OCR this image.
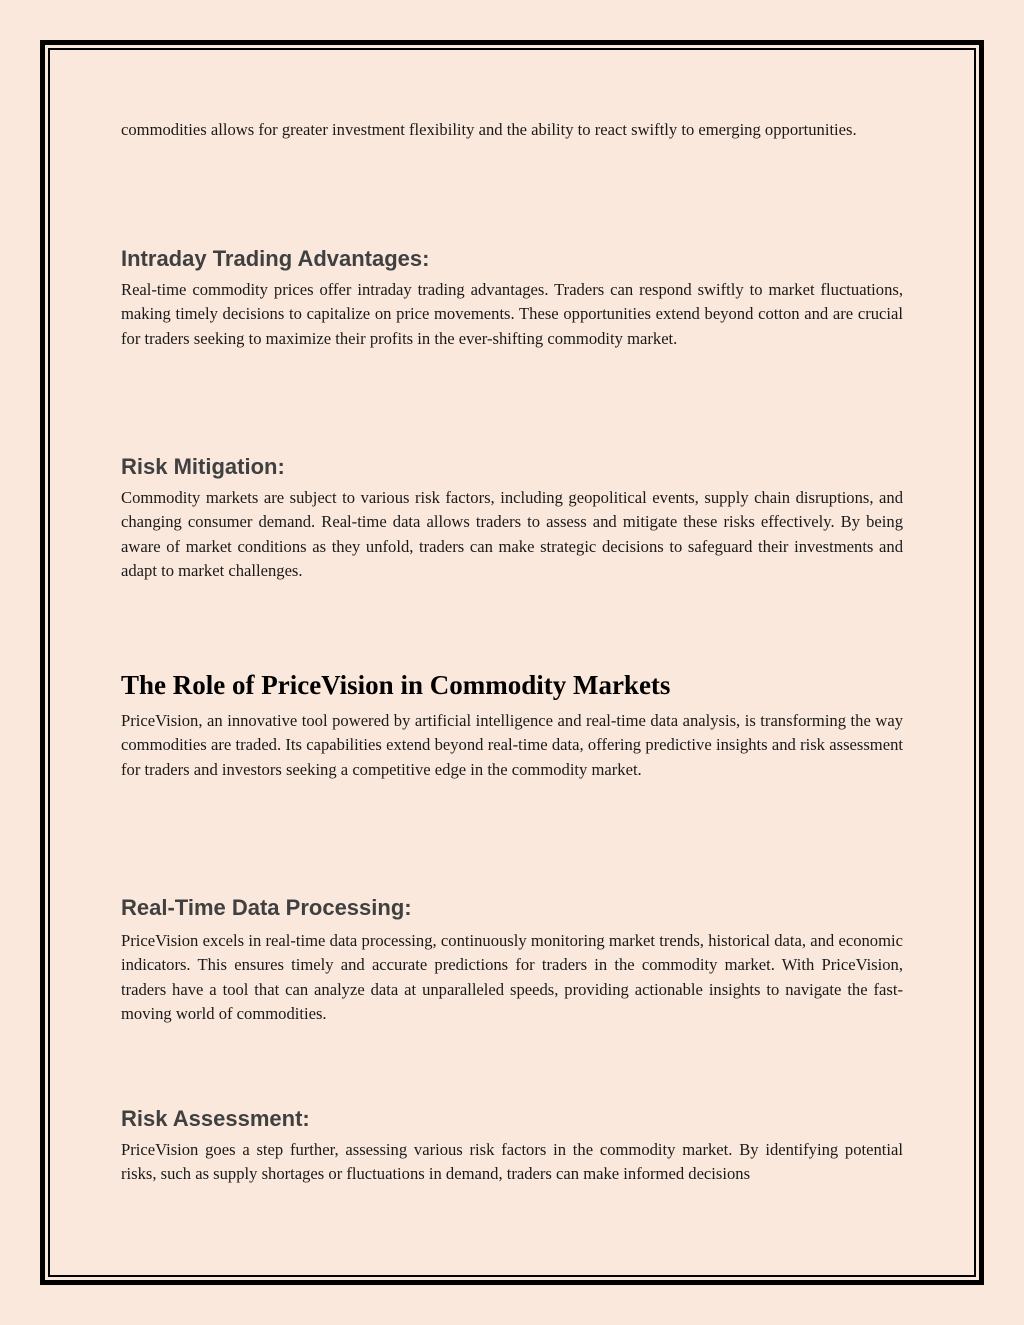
commodities allows for greater investment flexibility and the ability to react swiftly to emerging opportunities.

Intraday Trading Advantages:

Real-time commodity prices offer intraday trading advantages. Traders can respond swiftly to market fluctuations, making timely decisions to capitalize on price movements. These opportunities extend beyond cotton and are crucial for traders seeking to maximize their profits in the ever-shifting commodity market.

Risk Mitigation:

Commodity markets are subject to various risk factors, including geopolitical events, supply chain disruptions, and changing consumer demand. Real-time data allows traders to assess and mitigate these risks effectively. By being aware of market conditions as they unfold, traders can make strategic decisions to safeguard their investments and adapt to market challenges.

The Role of PriceVision in Commodity Markets

PriceVision, an innovative tool powered by artificial intelligence and real-time data analysis, is transforming the way commodities are traded. Its capabilities extend beyond real-time data, offering predictive insights and risk assessment for traders and investors seeking a competitive edge in the commodity market.

Real-Time Data Processing:

PriceVision excels in real-time data processing, continuously monitoring market trends, historical data, and economic indicators. This ensures timely and accurate predictions for traders in the commodity market. With PriceVision, traders have a tool that can analyze data at unparalleled speeds, providing actionable insights to navigate the fast-moving world of commodities.

Risk Assessment:

PriceVision goes a step further, assessing various risk factors in the commodity market. By identifying potential risks, such as supply shortages or fluctuations in demand, traders can make informed decisions
